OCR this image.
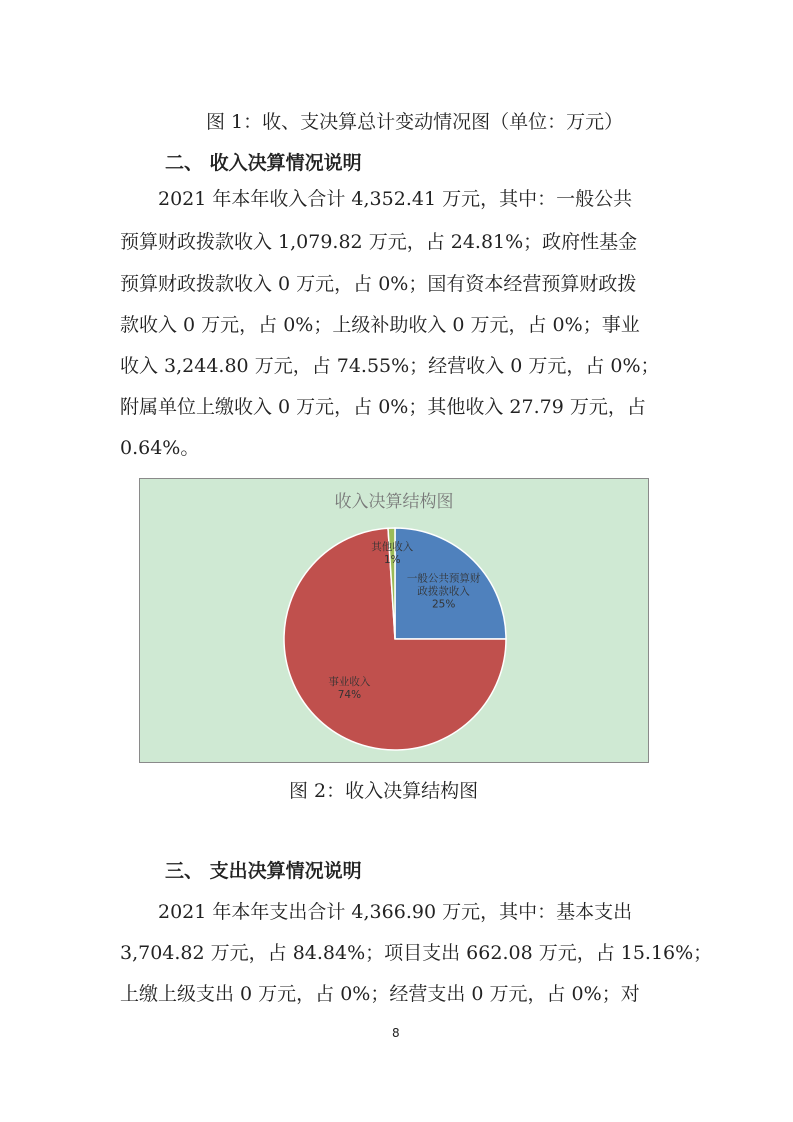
图 1：收、支决算总计变动情况图（单位：万元）
二、 收入决算情况说明
2021 年本年收入合计 4,352.41 万元，其中：一般公共
预算财政拨款收入 1,079.82 万元，占 24.81%；政府性基金
预算财政拨款收入 0 万元，占 0%；国有资本经营预算财政拨
款收入 0 万元，占 0%；上级补助收入 0 万元，占 0%；事业
收入 3,244.80 万元，占 74.55%；经营收入 0 万元，占 0%；
附属单位上缴收入 0 万元，占 0%；其他收入 27.79 万元，占
0.64%。
收入决算结构图
一般公共预算财
政拨款收入
25%
事业收入
74%
其他收入
1%
图 2：收入决算结构图
三、 支出决算情况说明
2021 年本年支出合计 4,366.90 万元，其中：基本支出
3,704.82 万元，占 84.84%；项目支出 662.08 万元，占 15.16%；
上缴上级支出 0 万元，占 0%；经营支出 0 万元，占 0%；对
8
